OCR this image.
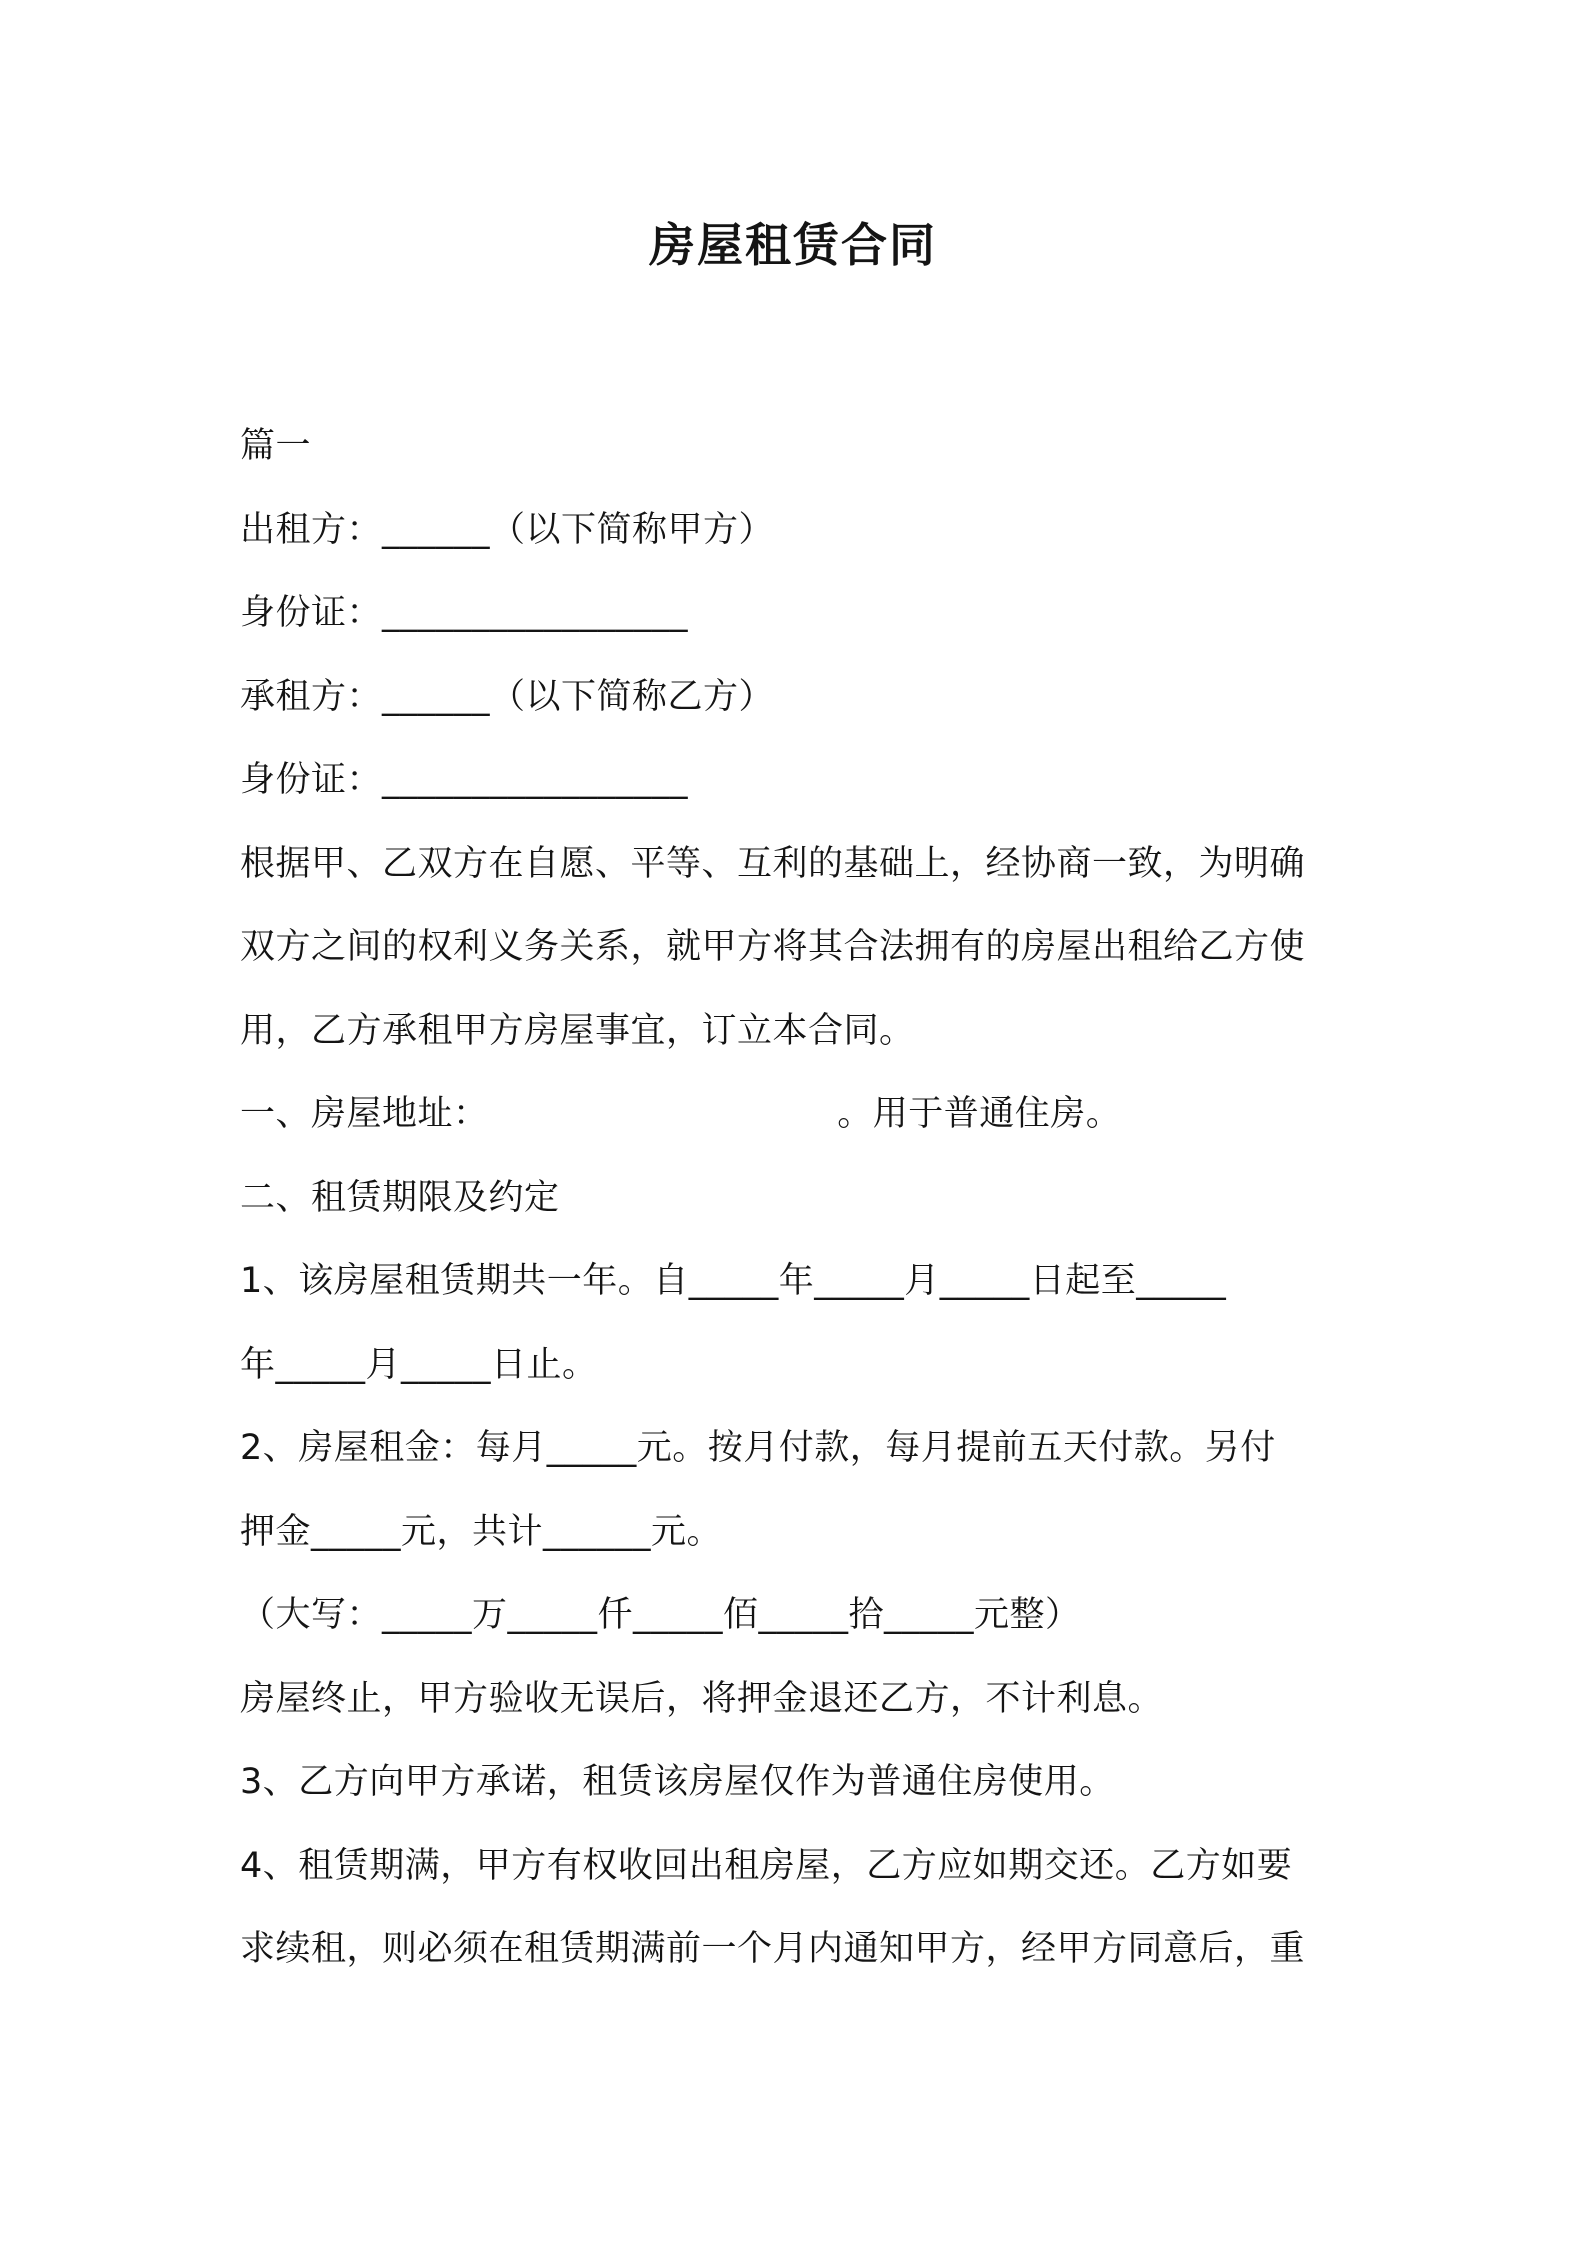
房屋租赁合同

篇一

出租方：______（以下简称甲方）

身份证：_________________

承租方：______（以下简称乙方）

身份证：_________________

根据甲、乙双方在自愿、平等、互利的基础上，经协商一致，为明确

双方之间的权利义务关系，就甲方将其合法拥有的房屋出租给乙方使

用，乙方承租甲方房屋事宜，订立本合同。

一、房屋地址：                              。用于普通住房。

二、租赁期限及约定

1、该房屋租赁期共一年。自_____年_____月_____日起至_____

年_____月_____日止。

2、房屋租金：每月_____元。按月付款，每月提前五天付款。另付

押金_____元，共计______元。

（大写：_____万_____仟_____佰_____拾_____元整）

房屋终止，甲方验收无误后，将押金退还乙方，不计利息。

3、乙方向甲方承诺，租赁该房屋仅作为普通住房使用。

4、租赁期满，甲方有权收回出租房屋，乙方应如期交还。乙方如要

求续租，则必须在租赁期满前一个月内通知甲方，经甲方同意后，重
